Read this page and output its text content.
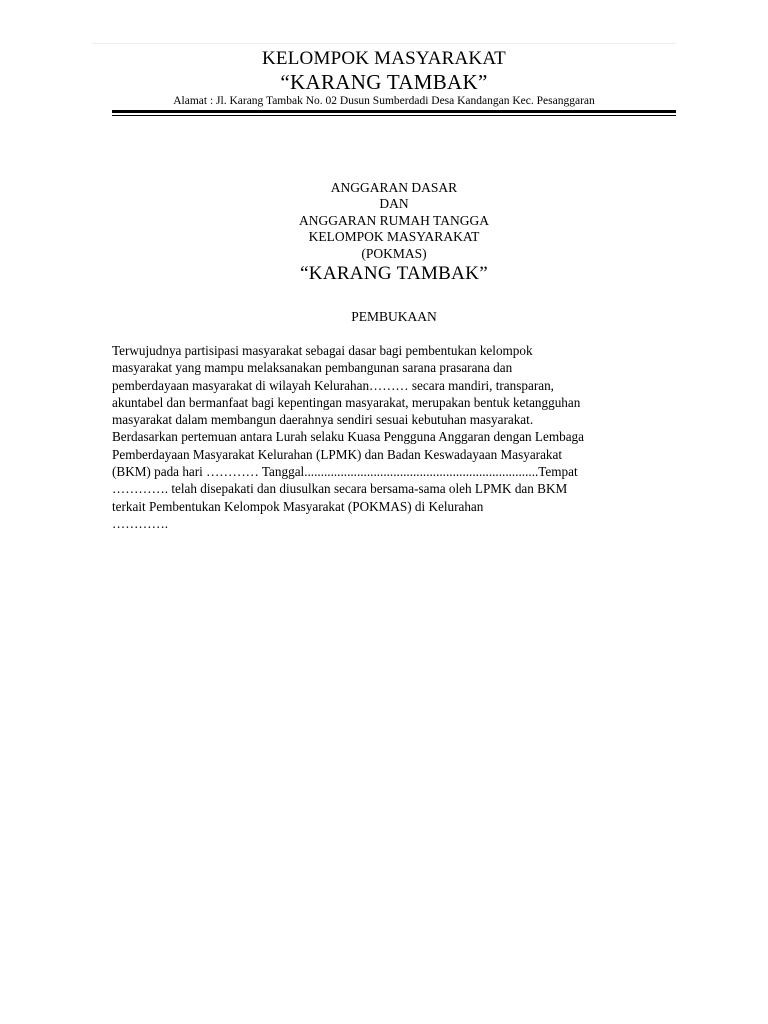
KELOMPOK MASYARAKAT
“KARANG TAMBAK”
Alamat : Jl. Karang Tambak No. 02 Dusun Sumberdadi Desa Kandangan Kec. Pesanggaran
ANGGARAN DASAR
DAN
ANGGARAN RUMAH TANGGA
KELOMPOK MASYARAKAT
(POKMAS)
“KARANG TAMBAK”
PEMBUKAAN
Terwujudnya partisipasi masyarakat sebagai dasar bagi pembentukan kelompok
masyarakat yang mampu melaksanakan pembangunan sarana prasarana dan
pemberdayaan masyarakat di wilayah Kelurahan……… secara mandiri, transparan,
akuntabel dan bermanfaat bagi kepentingan masyarakat, merupakan bentuk ketangguhan
masyarakat dalam membangun daerahnya sendiri sesuai kebutuhan masyarakat.
Berdasarkan pertemuan antara Lurah selaku Kuasa Pengguna Anggaran dengan Lembaga
Pemberdayaan Masyarakat Kelurahan (LPMK) dan Badan Keswadayaan Masyarakat
(BKM) pada hari ………… Tanggal.......................................................................Tempat
…………. telah disepakati dan diusulkan secara bersama-sama oleh LPMK dan BKM
terkait Pembentukan Kelompok Masyarakat (POKMAS) di Kelurahan
………….
